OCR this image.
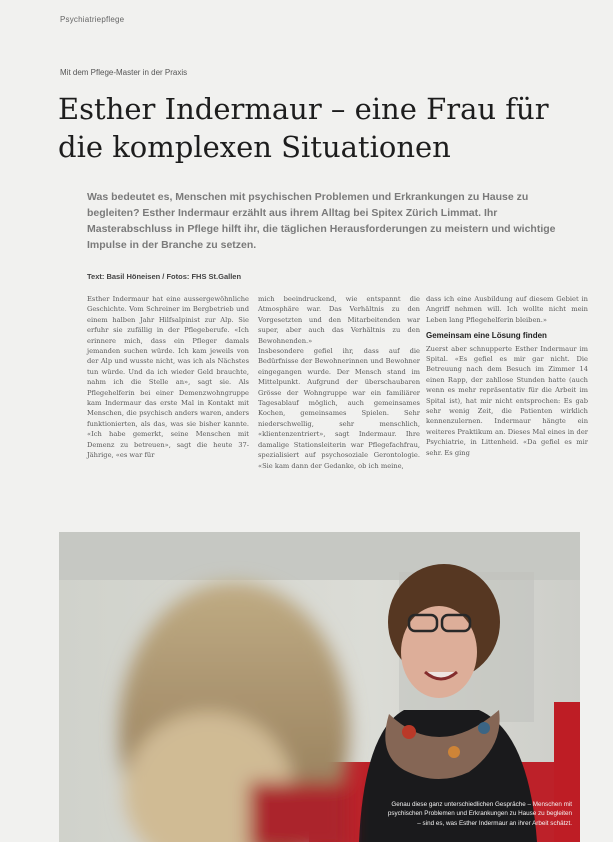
Psychiatriepflege
Mit dem Pflege-Master in der Praxis
Esther Indermaur – eine Frau für
die komplexen Situationen

Was bedeutet es, Menschen mit psychischen Problemen und Erkrankungen zu Hause zu begleiten? Esther Indermaur erzählt aus ihrem Alltag bei Spitex Zürich Limmat. Ihr Masterabschluss in Pflege hilft ihr, die täglichen Herausforderungen zu meistern und wichtige Impulse in der Branche zu setzen.

Text: Basil Höneisen / Fotos: FHS St.Gallen

Esther Indermaur hat eine aussergewöhnliche Geschichte. Vom Schreiner im Bergbetrieb und einem halben Jahr Hilfsalpinist zur Alp. Sie erfuhr sie zufällig in der Pflegeberufe. «Ich erinnere mich, dass ein Pfleger damals jemanden suchen würde. Ich kam jeweils von der Alp und wusste nicht, was ich als Nächstes tun würde. Und da ich wieder Geld brauchte, nahm ich die Stelle an», sagt sie. Als Pflegehelferin bei einer Demenzwohngruppe kam Indermaur das erste Mal in Kontakt mit Menschen, die psychisch anders waren, anders funktionierten, als das, was sie bisher kannte. «Ich habe gemerkt, seine Menschen mit Demenz zu betreuen», sagt die heute 37-Jährige, «es war für

mich beeindruckend, wie entspannt die Atmosphäre war. Das Verhältnis zu den Vorgesetzten und den Mitarbeitenden war super, aber auch das Verhältnis zu den Bewohnenden.»

Insbesondere gefiel ihr, dass auf die Bedürfnisse der Bewohnerinnen und Bewohner eingegangen wurde. Der Mensch stand im Mittelpunkt. Aufgrund der überschaubaren Grösse der Wohngruppe war ein familiärer Tagesablauf möglich, auch gemeinsames Kochen, gemeinsames Spielen. Sehr niederschwellig, sehr menschlich, «klientenzentriert», sagt Indermaur. Ihre damalige Stationsleiterin war Pflegefachfrau, spezialisiert auf psychosoziale Gerontologie. «Sie kam dann der Gedanke, ob ich meine,

dass ich eine Ausbildung auf diesem Gebiet in Angriff nehmen will. Ich wollte nicht mein Leben lang Pflegehelferin bleiben.»

Gemeinsam eine Lösung finden

Zuerst aber schnupperte Esther Indermaur im Spital. «Es gefiel es mir gar nicht. Die Betreuung nach dem Besuch im Zimmer 14 einen Rapp, der zahllose Stunden hatte (auch wenn es mehr repräsentativ für die Arbeit im Spital ist), hat mir nicht entsprochen: Es gab sehr wenig Zeit, die Patienten wirklich kennenzulernen. Indermaur hängte ein weiteres Praktikum an. Dieses Mal eines in der Psychiatrie, in Littenheid. «Da gefiel es mir sehr. Es ging

Genau diese ganz unterschiedlichen Gespräche – Menschen mit psychischen Problemen und Erkrankungen zu Hause zu begleiten – sind es, was Esther Indermaur an ihrer Arbeit schätzt.
